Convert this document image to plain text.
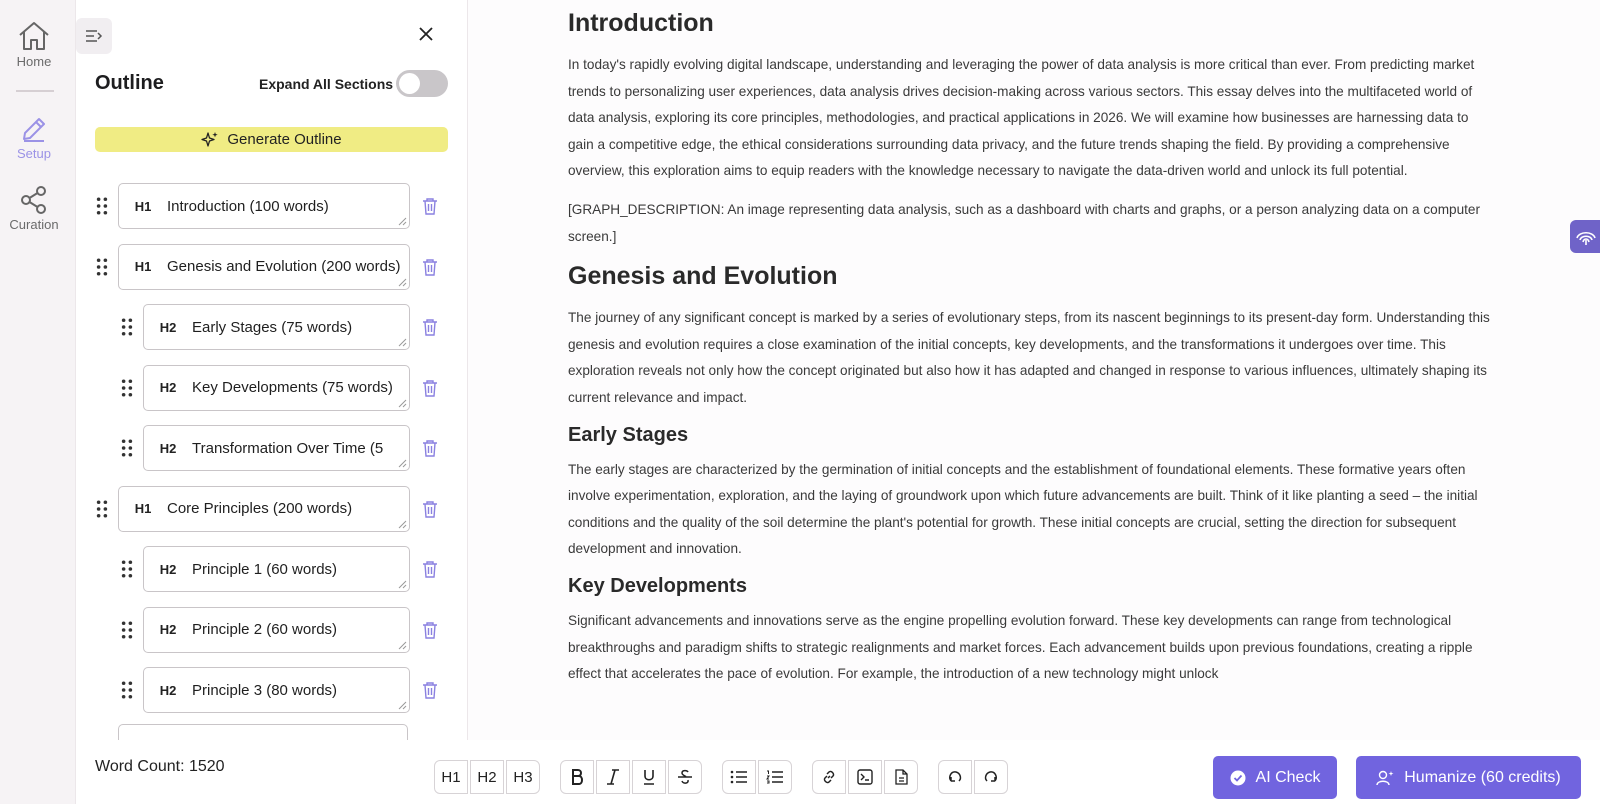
Home
Setup
Curation
Outline	Expand All Sections
Generate Outline
H1	Introduction (100 words)
H1	Genesis and Evolution (200 words)
H2	Early Stages (75 words)
H2	Key Developments (75 words)
H2	Transformation Over Time (5
H1	Core Principles (200 words)
H2	Principle 1 (60 words)
H2	Principle 2 (60 words)
H2	Principle 3 (80 words)
Introduction

In today's rapidly evolving digital landscape, understanding and leveraging the power of data analysis is more critical than ever. From predicting market trends to personalizing user experiences, data analysis drives decision-making across various sectors. This essay delves into the multifaceted world of data analysis, exploring its core principles, methodologies, and practical applications in 2026. We will examine how businesses are harnessing data to gain a competitive edge, the ethical considerations surrounding data privacy, and the future trends shaping the field. By providing a comprehensive overview, this exploration aims to equip readers with the knowledge necessary to navigate the data-driven world and unlock its full potential.

[GRAPH_DESCRIPTION: An image representing data analysis, such as a dashboard with charts and graphs, or a person analyzing data on a computer screen.]

Genesis and Evolution

The journey of any significant concept is marked by a series of evolutionary steps, from its nascent beginnings to its present-day form. Understanding this genesis and evolution requires a close examination of the initial concepts, key developments, and the transformations it undergoes over time. This exploration reveals not only how the concept originated but also how it has adapted and changed in response to various influences, ultimately shaping its current relevance and impact.

Early Stages

The early stages are characterized by the germination of initial concepts and the establishment of foundational elements. These formative years often involve experimentation, exploration, and the laying of groundwork upon which future advancements are built. Think of it like planting a seed – the initial conditions and the quality of the soil determine the plant's potential for growth. These initial concepts are crucial, setting the direction for subsequent development and innovation.

Key Developments

Significant advancements and innovations serve as the engine propelling evolution forward. These key developments can range from technological breakthroughs and paradigm shifts to strategic realignments and market forces. Each advancement builds upon previous foundations, creating a ripple effect that accelerates the pace of evolution. For example, the introduction of a new technology might unlock

Word Count: 1520
H1	H2	H3	AI Check	Humanize (60 credits)
